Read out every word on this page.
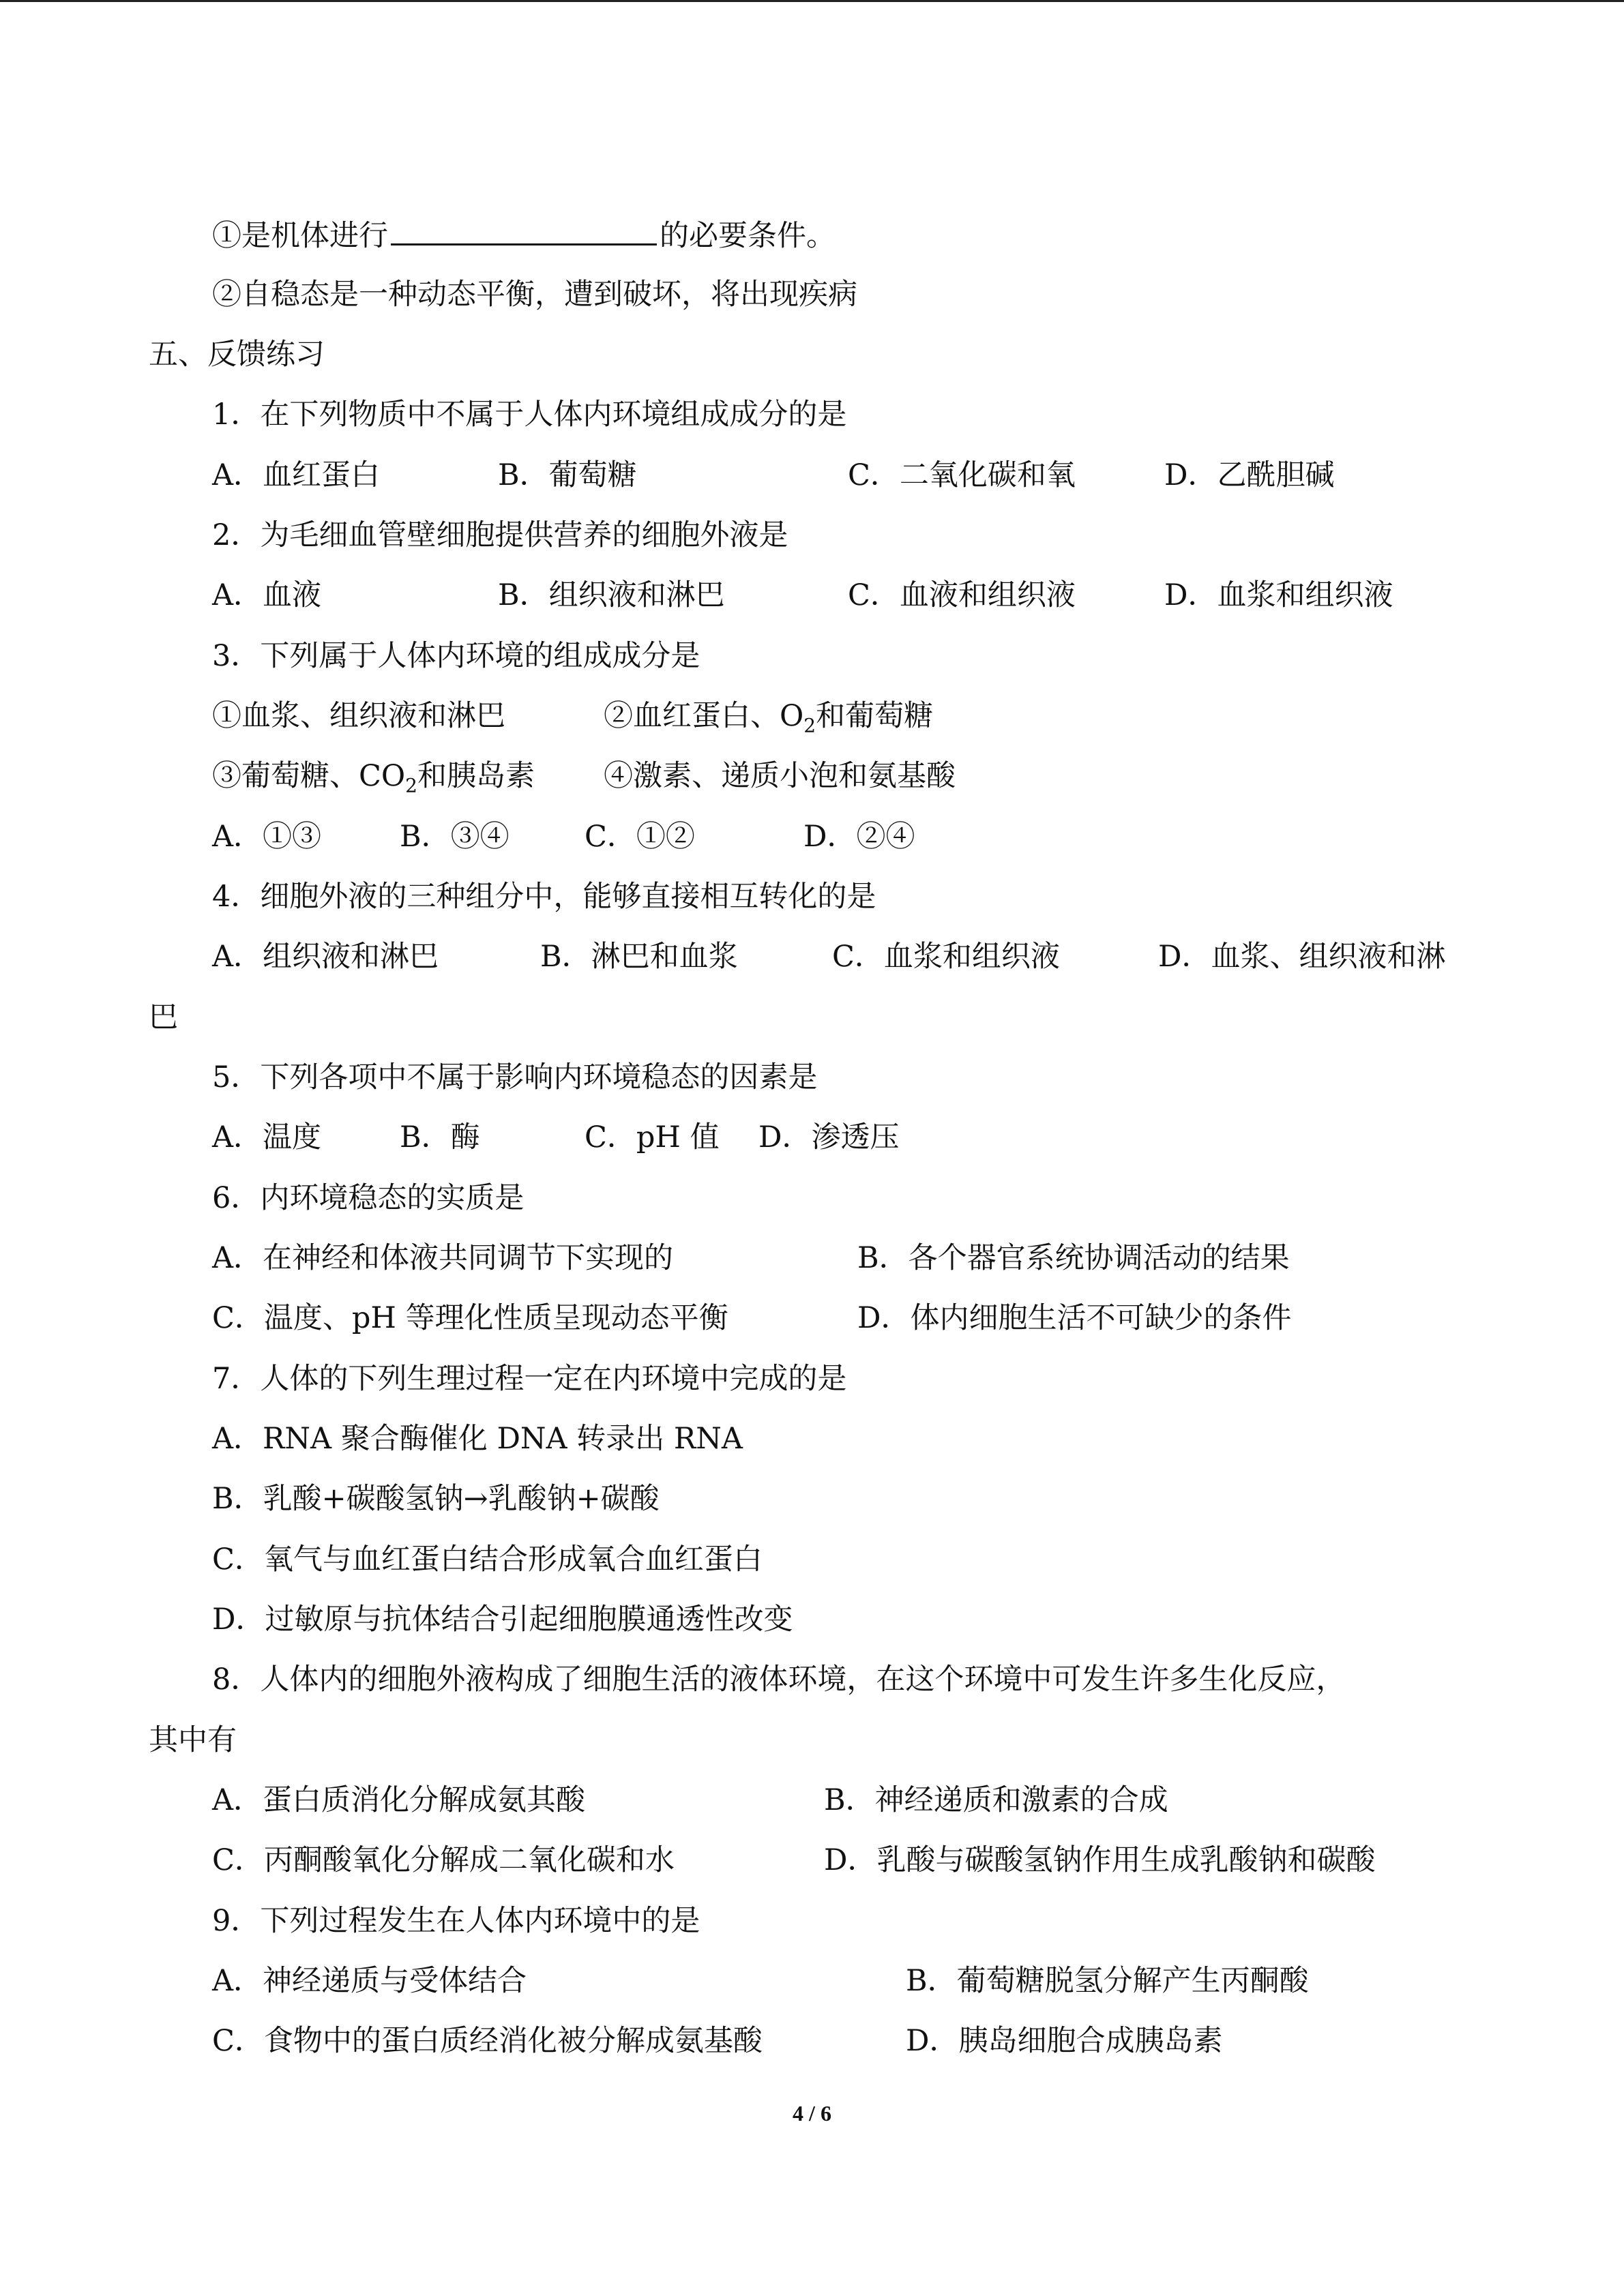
①是机体进行	的必要条件。
②自稳态是一种动态平衡，遭到破坏，将出现疾病
五、反馈练习
1．在下列物质中不属于人体内环境组成成分的是
A．血红蛋白	B．葡萄糖	C．二氧化碳和氧	D．乙酰胆碱
2．为毛细血管壁细胞提供营养的细胞外液是
A．血液	B．组织液和淋巴	C．血液和组织液	D．血浆和组织液
3．下列属于人体内环境的组成成分是
①血浆、组织液和淋巴	②血红蛋白、$O_2$和葡萄糖
③葡萄糖、$CO_2$和胰岛素 ④激素、递质小泡和氨基酸
A．①③	B．③④	C．①②	D．②④
4．细胞外液的三种组分中，能够直接相互转化的是
A．组织液和淋巴	B．淋巴和血浆	C．血浆和组织液	D．血浆、组织液和淋
巴
5．下列各项中不属于影响内环境稳态的因素是
A．温度	B．酶	C．pH 值 D．渗透压
6．内环境稳态的实质是
A．在神经和体液共同调节下实现的	B．各个器官系统协调活动的结果
C．温度、pH 等理化性质呈现动态平衡	D．体内细胞生活不可缺少的条件
7．人体的下列生理过程一定在内环境中完成的是
A．RNA 聚合酶催化 DNA 转录出 RNA
B．乳酸+碳酸氢钠→乳酸钠+碳酸
C．氧气与血红蛋白结合形成氧合血红蛋白
D．过敏原与抗体结合引起细胞膜通透性改变
8．人体内的细胞外液构成了细胞生活的液体环境，在这个环境中可发生许多生化反应，
其中有
A．蛋白质消化分解成氨其酸	B．神经递质和激素的合成
C．丙酮酸氧化分解成二氧化碳和水	D．乳酸与碳酸氢钠作用生成乳酸钠和碳酸
9．下列过程发生在人体内环境中的是
A．神经递质与受体结合	B．葡萄糖脱氢分解产生丙酮酸
C．食物中的蛋白质经消化被分解成氨基酸	D．胰岛细胞合成胰岛素
4 / 6
